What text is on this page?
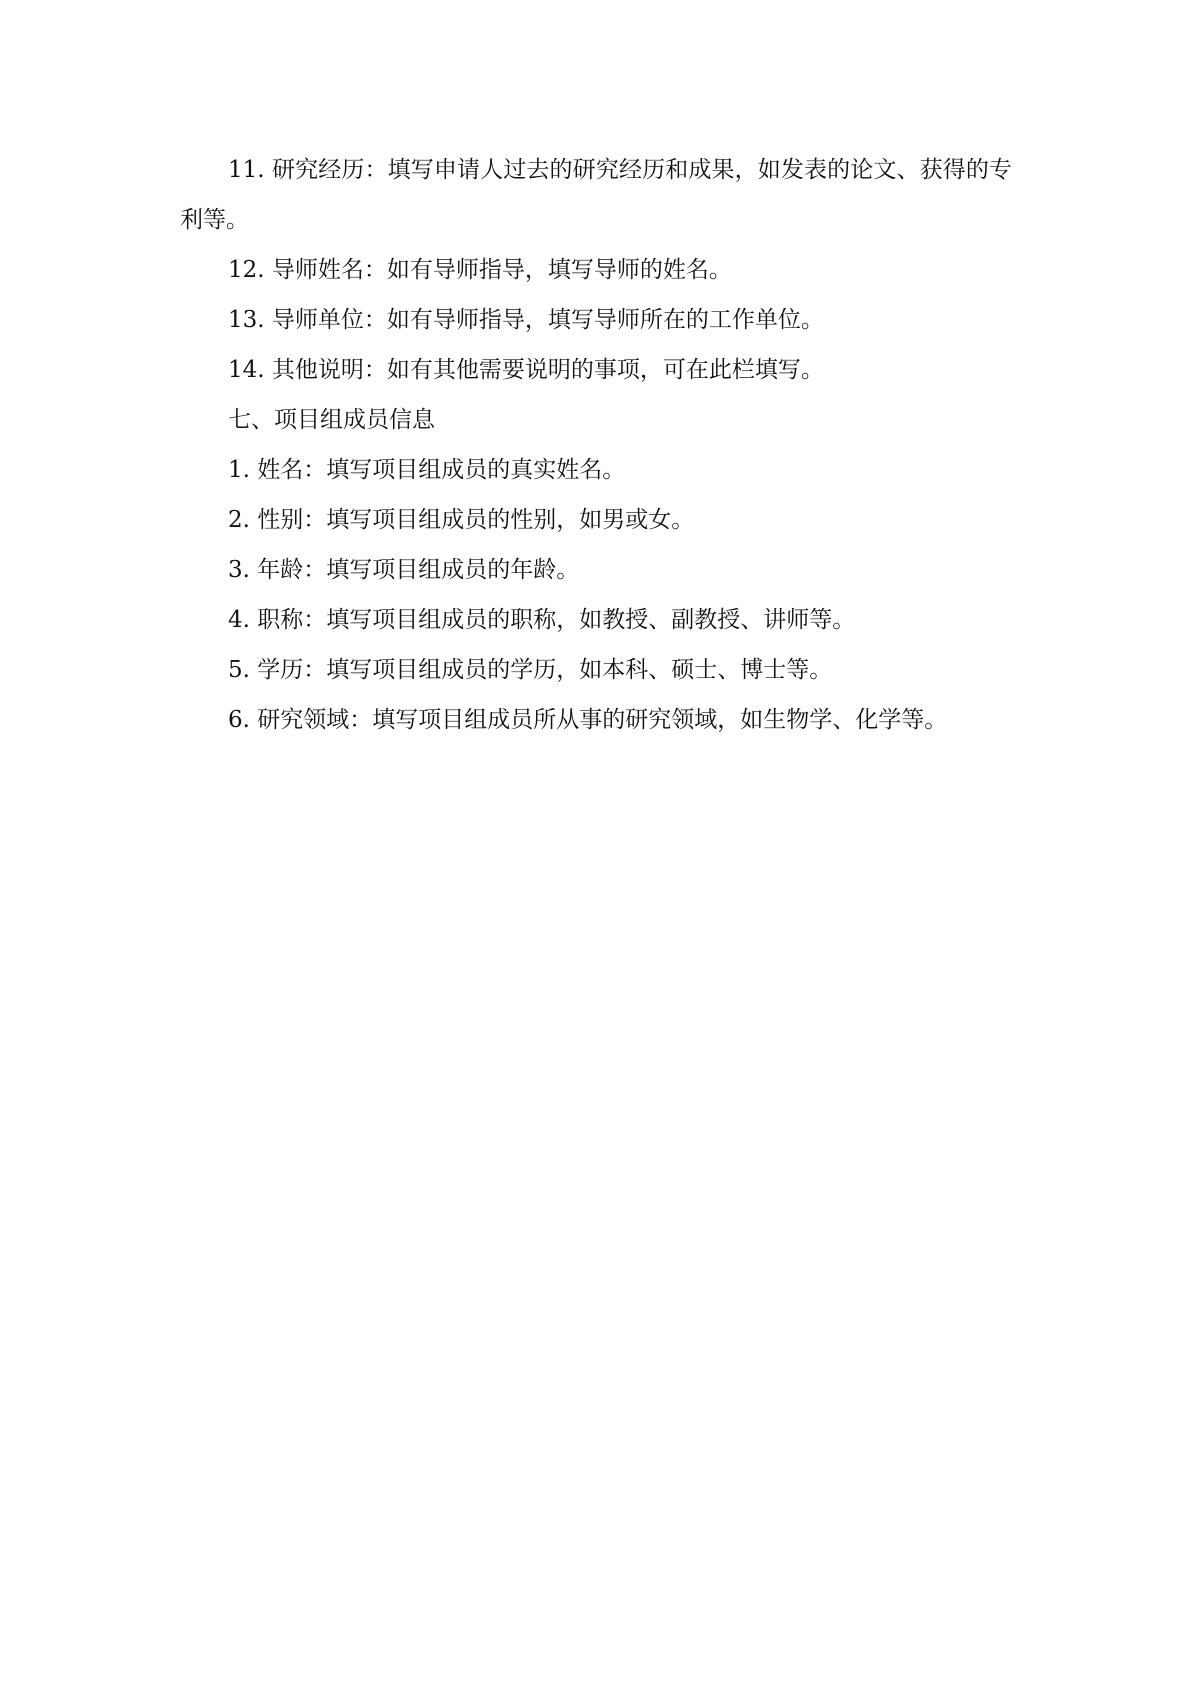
11. 研究经历：填写申请人过去的研究经历和成果，如发表的论文、获得的专利等。

12. 导师姓名：如有导师指导，填写导师的姓名。

13. 导师单位：如有导师指导，填写导师所在的工作单位。

14. 其他说明：如有其他需要说明的事项，可在此栏填写。

七、项目组成员信息

1. 姓名：填写项目组成员的真实姓名。

2. 性别：填写项目组成员的性别，如男或女。

3. 年龄：填写项目组成员的年龄。

4. 职称：填写项目组成员的职称，如教授、副教授、讲师等。

5. 学历：填写项目组成员的学历，如本科、硕士、博士等。

6. 研究领域：填写项目组成员所从事的研究领域，如生物学、化学等。
